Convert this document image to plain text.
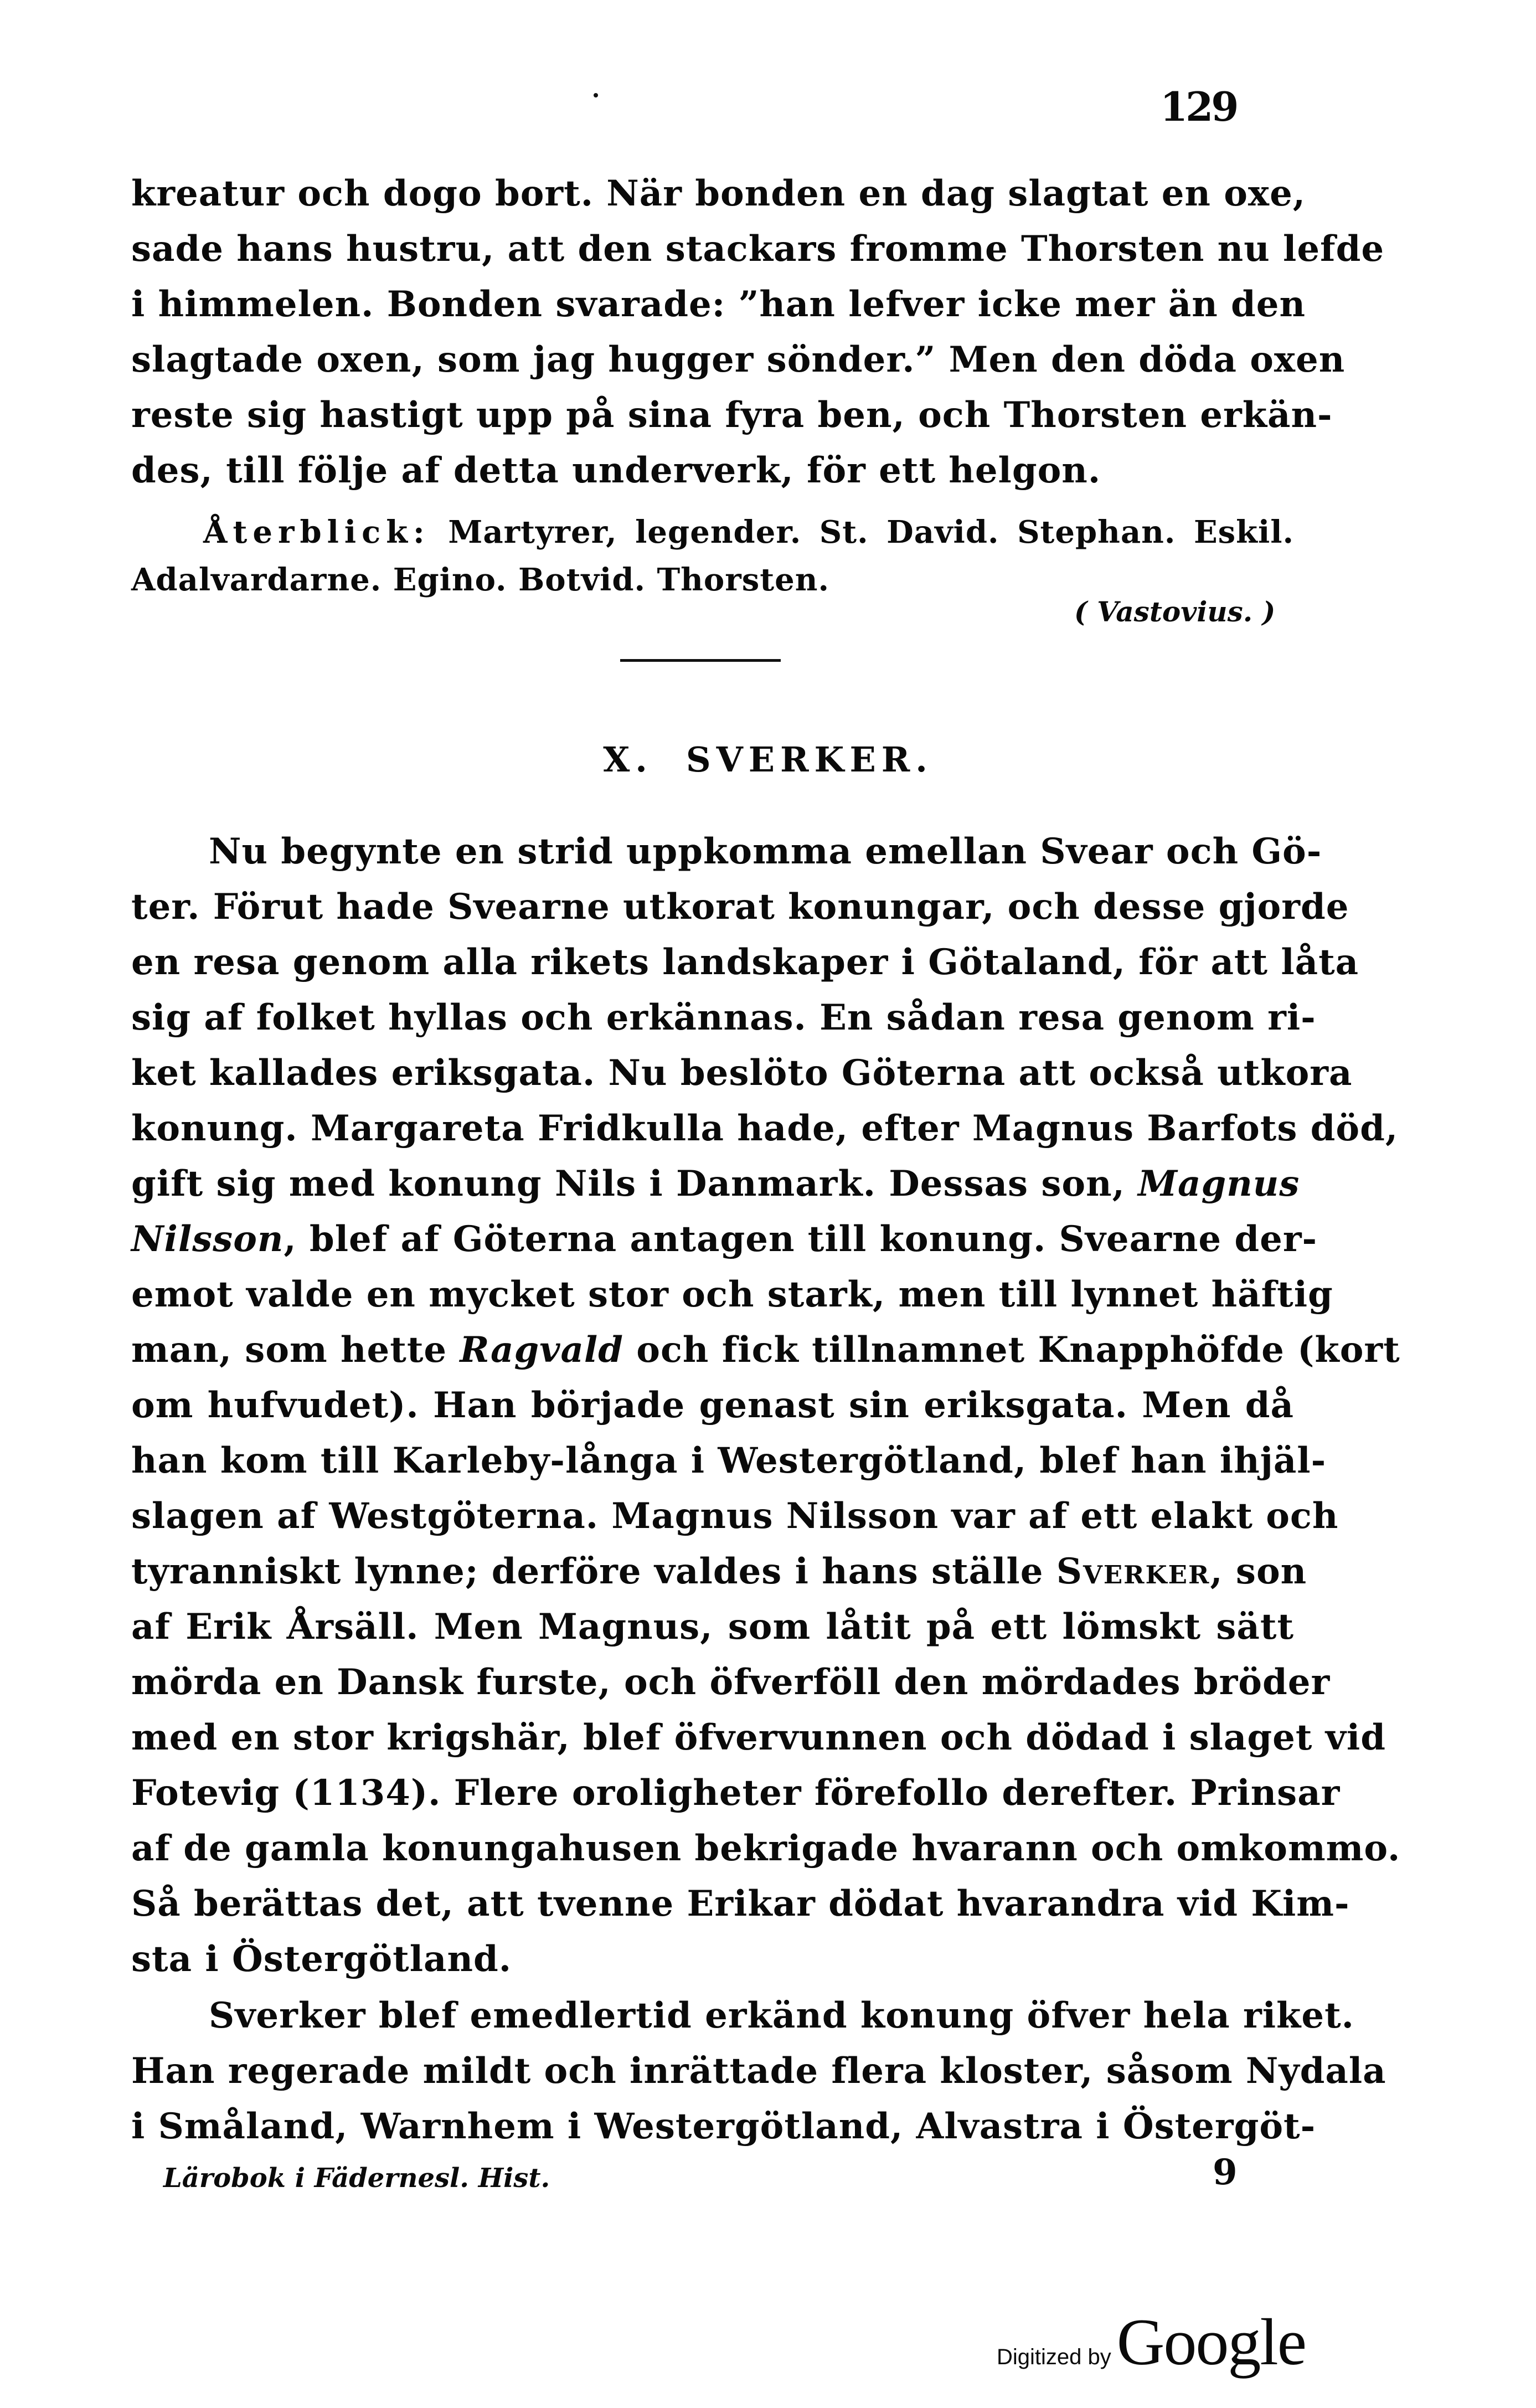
129
kreatur och dogo bort. När bonden en dag slagtat en oxe,
sade hans hustru, att den stackars fromme Thorsten nu lefde
i himmelen. Bonden svarade: ”han lefver icke mer än den
slagtade oxen, som jag hugger sönder.” Men den döda oxen
reste sig hastigt upp på sina fyra ben, och Thorsten erkän-
des, till följe af detta underverk, för ett helgon.
Återblick: Martyrer, legender. St. David. Stephan. Eskil.
Adalvardarne. Egino. Botvid. Thorsten.
( Vastovius. )
X. SVERKER.
Nu begynte en strid uppkomma emellan Svear och Gö-
ter. Förut hade Svearne utkorat konungar, och desse gjorde
en resa genom alla rikets landskaper i Götaland, för att låta
sig af folket hyllas och erkännas. En sådan resa genom ri-
ket kallades eriksgata. Nu beslöto Göterna att också utkora
konung. Margareta Fridkulla hade, efter Magnus Barfots död,
gift sig med konung Nils i Danmark. Dessas son, Magnus
Nilsson, blef af Göterna antagen till konung. Svearne der-
emot valde en mycket stor och stark, men till lynnet häftig
man, som hette Ragvald och fick tillnamnet Knapphöfde (kort
om hufvudet). Han började genast sin eriksgata. Men då
han kom till Karleby-långa i Westergötland, blef han ihjäl-
slagen af Westgöterna. Magnus Nilsson var af ett elakt och
tyranniskt lynne; derföre valdes i hans ställe Sverker, son
af Erik Årsäll. Men Magnus, som låtit på ett lömskt sätt
mörda en Dansk furste, och öfverföll den mördades bröder
med en stor krigshär, blef öfvervunnen och dödad i slaget vid
Fotevig (1134). Flere oroligheter förefollo derefter. Prinsar
af de gamla konungahusen bekrigade hvarann och omkommo.
Så berättas det, att tvenne Erikar dödat hvarandra vid Kim-
sta i Östergötland.
Sverker blef emedlertid erkänd konung öfver hela riket.
Han regerade mildt och inrättade flera kloster, såsom Nydala
i Småland, Warnhem i Westergötland, Alvastra i Östergöt-
Lärobok i Fädernesl. Hist.	9
Digitized by Google
